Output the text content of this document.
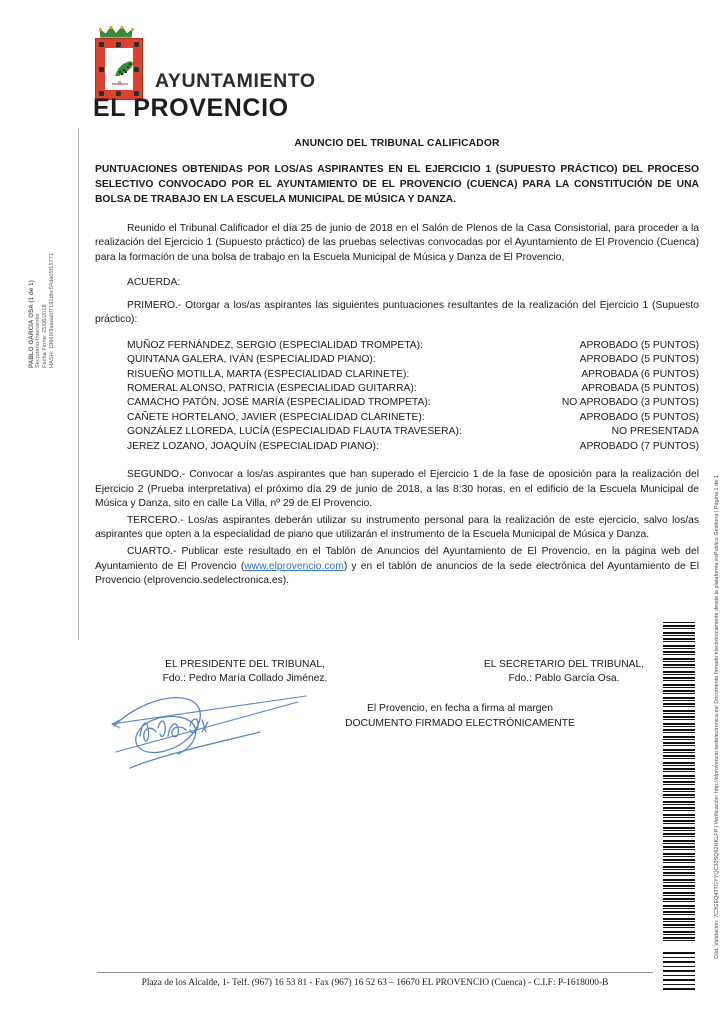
EL PROVENCIO AYUNTAMIENTO
EL PROVENCIO
PABLO GARCIA OSA (1 de 1) Secretario-Interventor Fecha Firma: 25/06/2018 HASH: 19669/9aaaa0f7191dbc54da05f15771
ANUNCIO DEL TRIBUNAL CALIFICADOR
PUNTUACIONES OBTENIDAS POR LOS/AS ASPIRANTES EN EL EJERCICIO 1 (SUPUESTO PRÁCTICO) DEL PROCESO SELECTIVO CONVOCADO POR EL AYUNTAMIENTO DE EL PROVENCIO (CUENCA) PARA LA CONSTITUCIÓN DE UNA BOLSA DE TRABAJO EN LA ESCUELA MUNICIPAL DE MÚSICA Y DANZA.

Reunido el Tribunal Calificador el día 25 de junio de 2018 en el Salón de Plenos de la Casa Consistorial, para proceder a la realización del Ejercicio 1 (Supuesto práctico) de las pruebas selectivas convocadas por el Ayuntamiento de El Provencio (Cuenca) para la formación de una bolsa de trabajo en la Escuela Municipal de Música y Danza de El Provencio,

ACUERDA:

PRIMERO.- Otorgar a los/as aspirantes las siguientes puntuaciones resultantes de la realización del Ejercicio 1 (Supuesto práctico):

MUÑOZ FERNÁNDEZ, SERGIO (ESPECIALIDAD TROMPETA):	APROBADO (5 PUNTOS)
QUINTANA GALERA, IVÁN (ESPECIALIDAD PIANO):	APROBADO (5 PUNTOS)
RISUEÑO MOTILLA, MARTA (ESPECIALIDAD CLARINETE):	APROBADA (6 PUNTOS)
ROMERAL ALONSO, PATRICIA (ESPECIALIDAD GUITARRA):	APROBADA (5 PUNTOS)
CAMACHO PATÓN, JOSÉ MARÍA (ESPECIALIDAD TROMPETA):	NO APROBADO (3 PUNTOS)
CAÑETE HORTELANO, JAVIER (ESPECIALIDAD CLARINETE):	APROBADO (5 PUNTOS)
GONZÁLEZ LLOREDA, LUCÍA (ESPECIALIDAD FLAUTA TRAVESERA):	NO PRESENTADA
JEREZ LOZANO, JOAQUÍN (ESPECIALIDAD PIANO):	APROBADO (7 PUNTOS)

SEGUNDO.- Convocar a los/as aspirantes que han superado el Ejercicio 1 de la fase de oposición para la realización del Ejercicio 2 (Prueba interpretativa) el próximo día 29 de junio de 2018, a las 8:30 horas, en el edificio de la Escuela Municipal de Música y Danza, sito en calle La Villa, nº 29 de El Provencio.

TERCERO.- Los/as aspirantes deberán utilizar su instrumento personal para la realización de este ejercicio, salvo los/as aspirantes que opten a la especialidad de piano que utilizarán el instrumento de la Escuela Municipal de Música y Danza.

CUARTO.- Publicar este resultado en el Tablón de Anuncios del Ayuntamiento de El Provencio, en la página web del Ayuntamiento de El Provencio (www.elprovencio.com) y en el tablón de anuncios de la sede electrónica del Ayuntamiento de El Provencio (elprovencio.sedelectronica.es).

EL PRESIDENTE DEL TRIBUNAL,
Fdo.: Pedro María Collado Jiménez.
EL SECRETARIO DEL TRIBUNAL,
Fdo.: Pablo García Osa.
El Provencio, en fecha a firma al margen
DOCUMENTO FIRMADO ELECTRÓNICAMENTE	Cód. Validación: 7C3GEQ43TGYYQC33SQ62HKLFP | Verificación: http://elprovencio.sedelectronica.es/ Documento firmado electrónicamente desde la plataforma esPublico Gestiona | Página 1 de 1
Plaza de los Alcalde, 1- Telf. (967) 16 53 81 - Fax (967) 16 52 63 – 16670 EL PROVENCIO (Cuenca) - C.I.F: P-1618000-B
